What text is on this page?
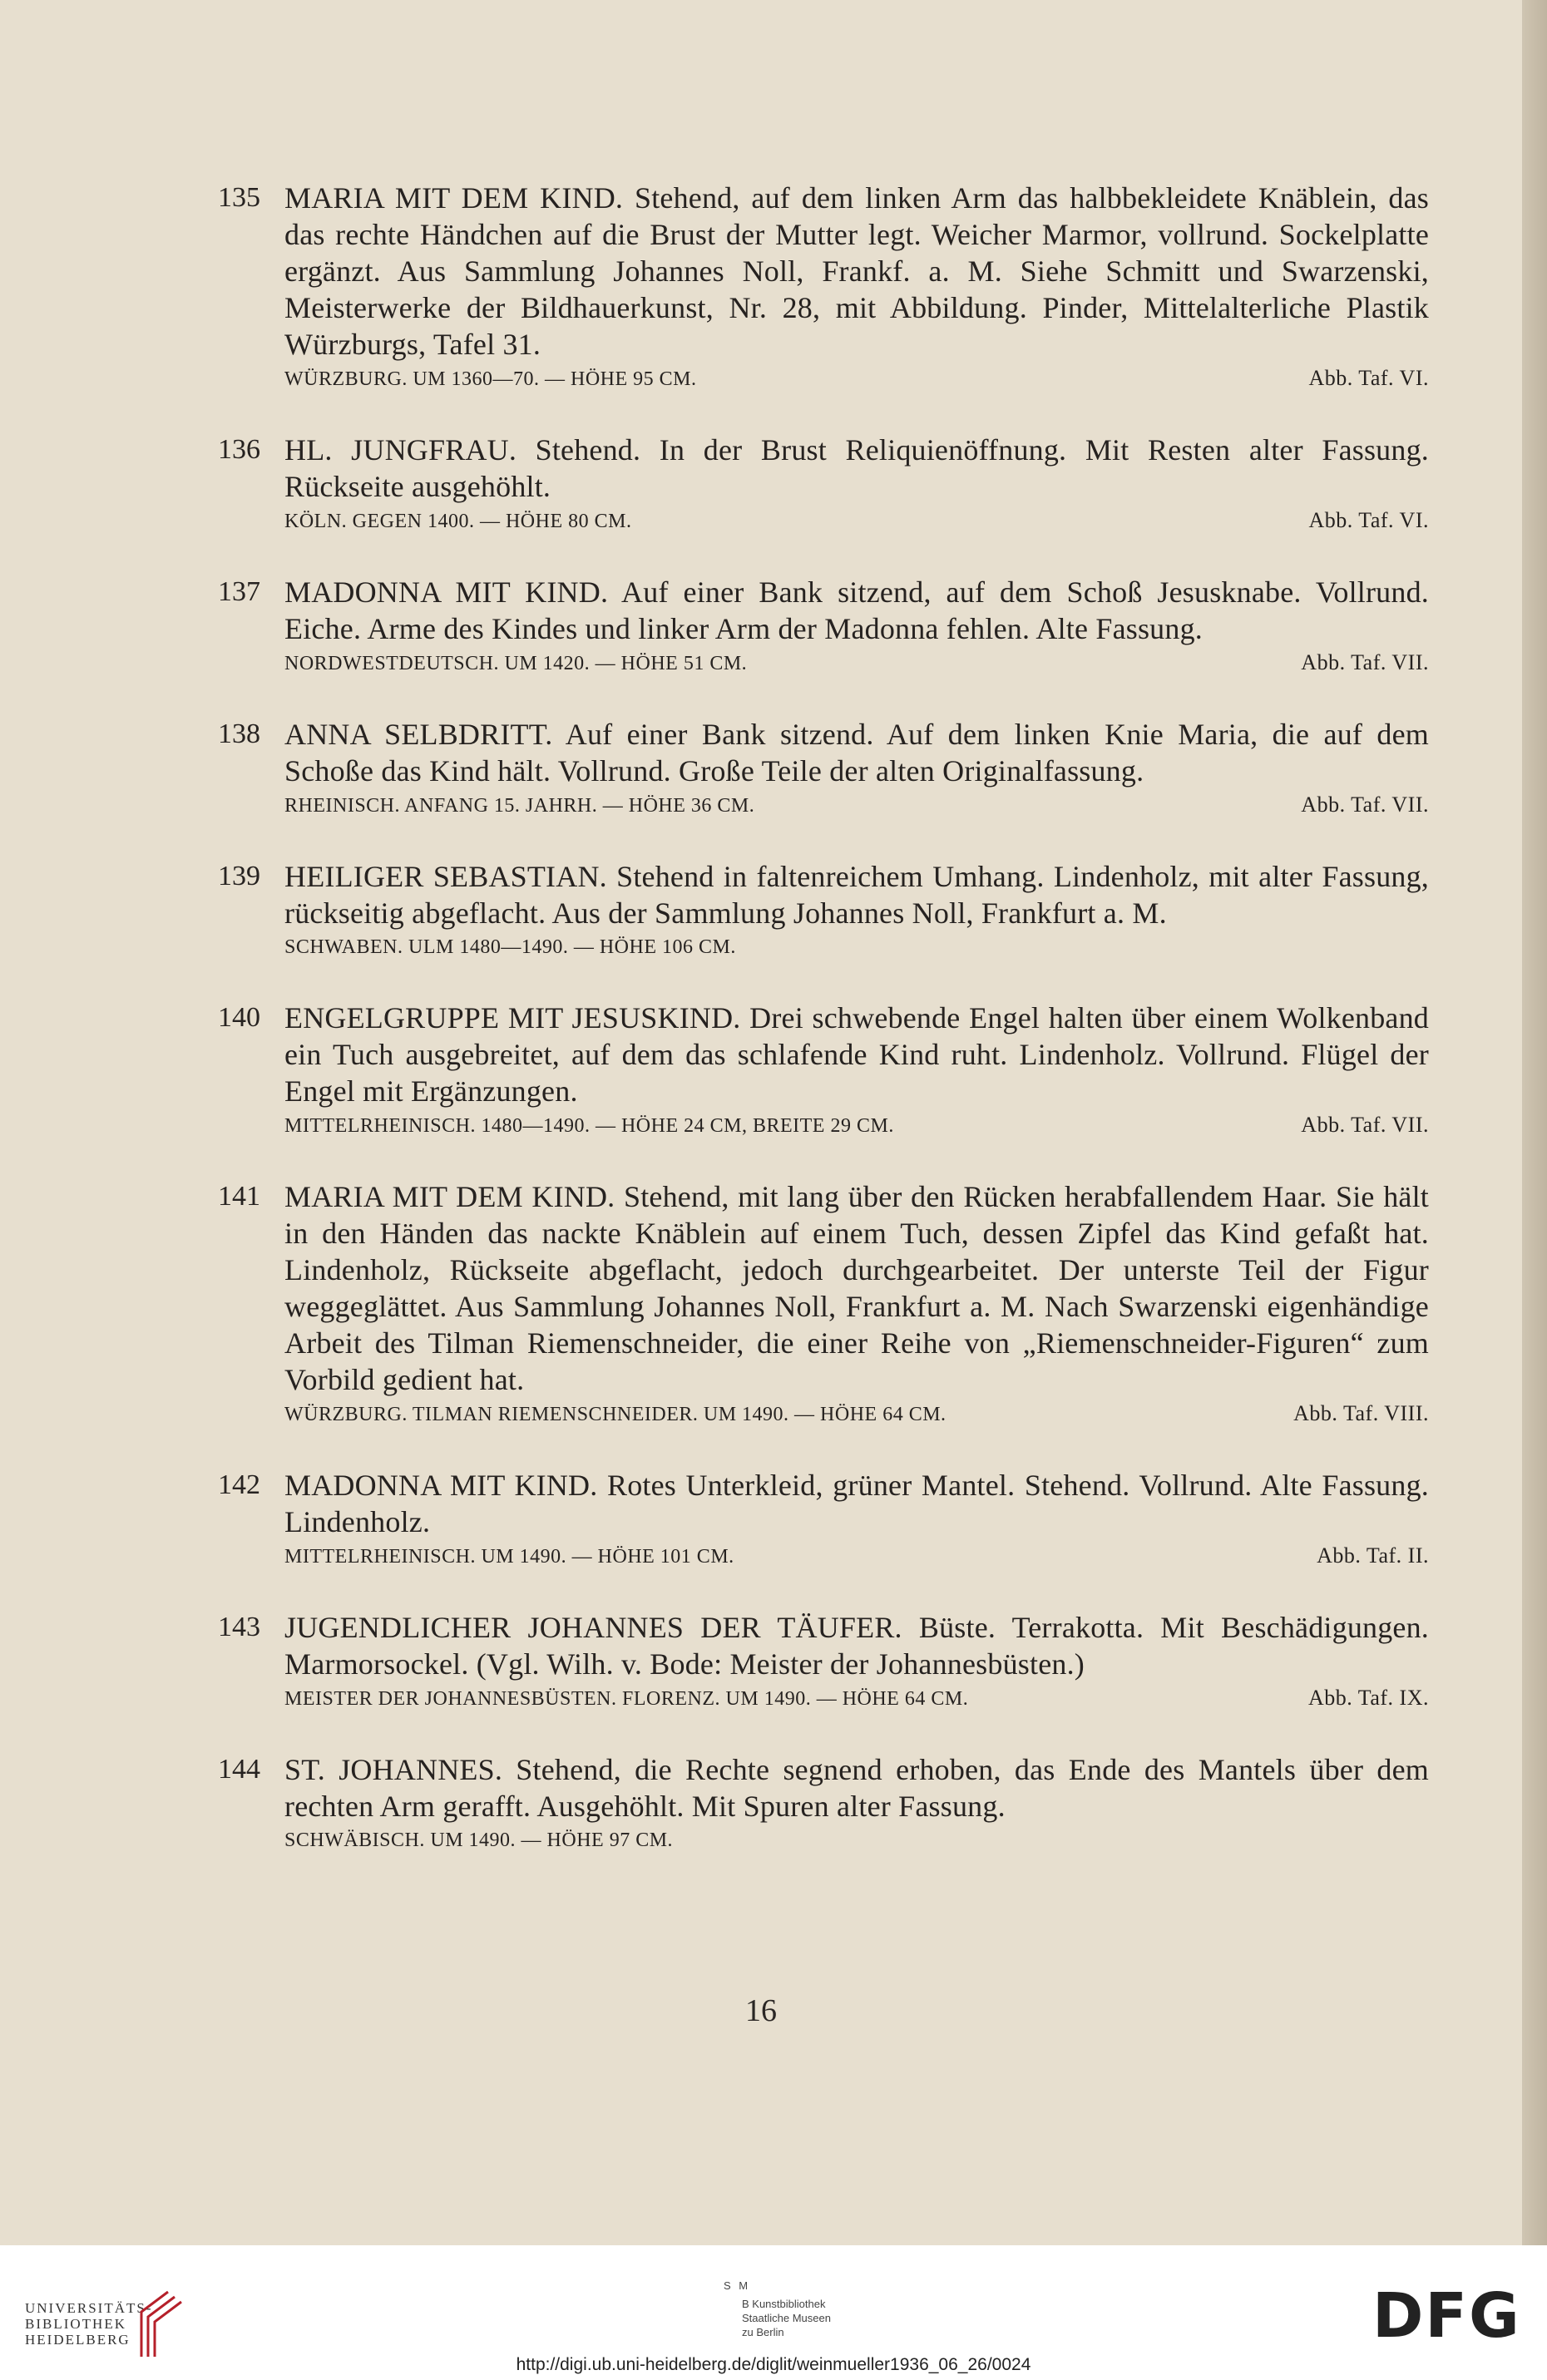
135 MARIA MIT DEM KIND. Stehend, auf dem linken Arm das halbbekleidete Knäblein, das das rechte Händchen auf die Brust der Mutter legt. Weicher Marmor, vollrund. Sockelplatte ergänzt. Aus Sammlung Johannes Noll, Frankf. a. M. Siehe Schmitt und Swarzenski, Meisterwerke der Bildhauerkunst, Nr. 28, mit Abbildung. Pinder, Mittelalterliche Plastik Würzburgs, Tafel 31.
WÜRZBURG. UM 1360—70. — HÖHE 95 CM.	Abb. Taf. VI.
136 HL. JUNGFRAU. Stehend. In der Brust Reliquienöffnung. Mit Resten alter Fassung. Rückseite ausgehöhlt.
KÖLN. GEGEN 1400. — HÖHE 80 CM.	Abb. Taf. VI.
137 MADONNA MIT KIND. Auf einer Bank sitzend, auf dem Schoß Jesusknabe. Vollrund. Eiche. Arme des Kindes und linker Arm der Madonna fehlen. Alte Fassung.
NORDWESTDEUTSCH. UM 1420. — HÖHE 51 CM.	Abb. Taf. VII.
138 ANNA SELBDRITT. Auf einer Bank sitzend. Auf dem linken Knie Maria, die auf dem Schoße das Kind hält. Vollrund. Große Teile der alten Originalfassung.
RHEINISCH. ANFANG 15. JAHRH. — HÖHE 36 CM.	Abb. Taf. VII.
139 HEILIGER SEBASTIAN. Stehend in faltenreichem Umhang. Lindenholz, mit alter Fassung, rückseitig abgeflacht. Aus der Sammlung Johannes Noll, Frankfurt a. M.
SCHWABEN. ULM 1480—1490. — HÖHE 106 CM.
140 ENGELGRUPPE MIT JESUSKIND. Drei schwebende Engel halten über einem Wolkenband ein Tuch ausgebreitet, auf dem das schlafende Kind ruht. Lindenholz. Vollrund. Flügel der Engel mit Ergänzungen.
MITTELRHEINISCH. 1480—1490. — HÖHE 24 CM, BREITE 29 CM.	Abb. Taf. VII.
141 MARIA MIT DEM KIND. Stehend, mit lang über den Rücken herabfallendem Haar. Sie hält in den Händen das nackte Knäblein auf einem Tuch, dessen Zipfel das Kind gefaßt hat. Lindenholz, Rückseite abgeflacht, jedoch durchgearbeitet. Der unterste Teil der Figur weggeglättet. Aus Sammlung Johannes Noll, Frankfurt a. M. Nach Swarzenski eigenhändige Arbeit des Tilman Riemenschneider, die einer Reihe von „Riemenschneider-Figuren“ zum Vorbild gedient hat.
WÜRZBURG. TILMAN RIEMENSCHNEIDER. UM 1490. — HÖHE 64 CM.	Abb. Taf. VIII.
142 MADONNA MIT KIND. Rotes Unterkleid, grüner Mantel. Stehend. Vollrund. Alte Fassung. Lindenholz.
MITTELRHEINISCH. UM 1490. — HÖHE 101 CM.	Abb. Taf. II.
143 JUGENDLICHER JOHANNES DER TÄUFER. Büste. Terrakotta. Mit Beschädigungen. Marmorsockel. (Vgl. Wilh. v. Bode: Meister der Johannesbüsten.)
MEISTER DER JOHANNESBÜSTEN. FLORENZ. UM 1490. — HÖHE 64 CM.	Abb. Taf. IX.
144 ST. JOHANNES. Stehend, die Rechte segnend erhoben, das Ende des Mantels über dem rechten Arm gerafft. Ausgehöhlt. Mit Spuren alter Fassung.
SCHWÄBISCH. UM 1490. — HÖHE 97 CM.
16
UNIVERSITÄTS-
BIBLIOTHEK
HEIDELBERG
S M
B Kunstbibliothek
Staatliche Museen
zu Berlin	DFG
http://digi.ub.uni-heidelberg.de/diglit/weinmueller1936_06_26/0024
